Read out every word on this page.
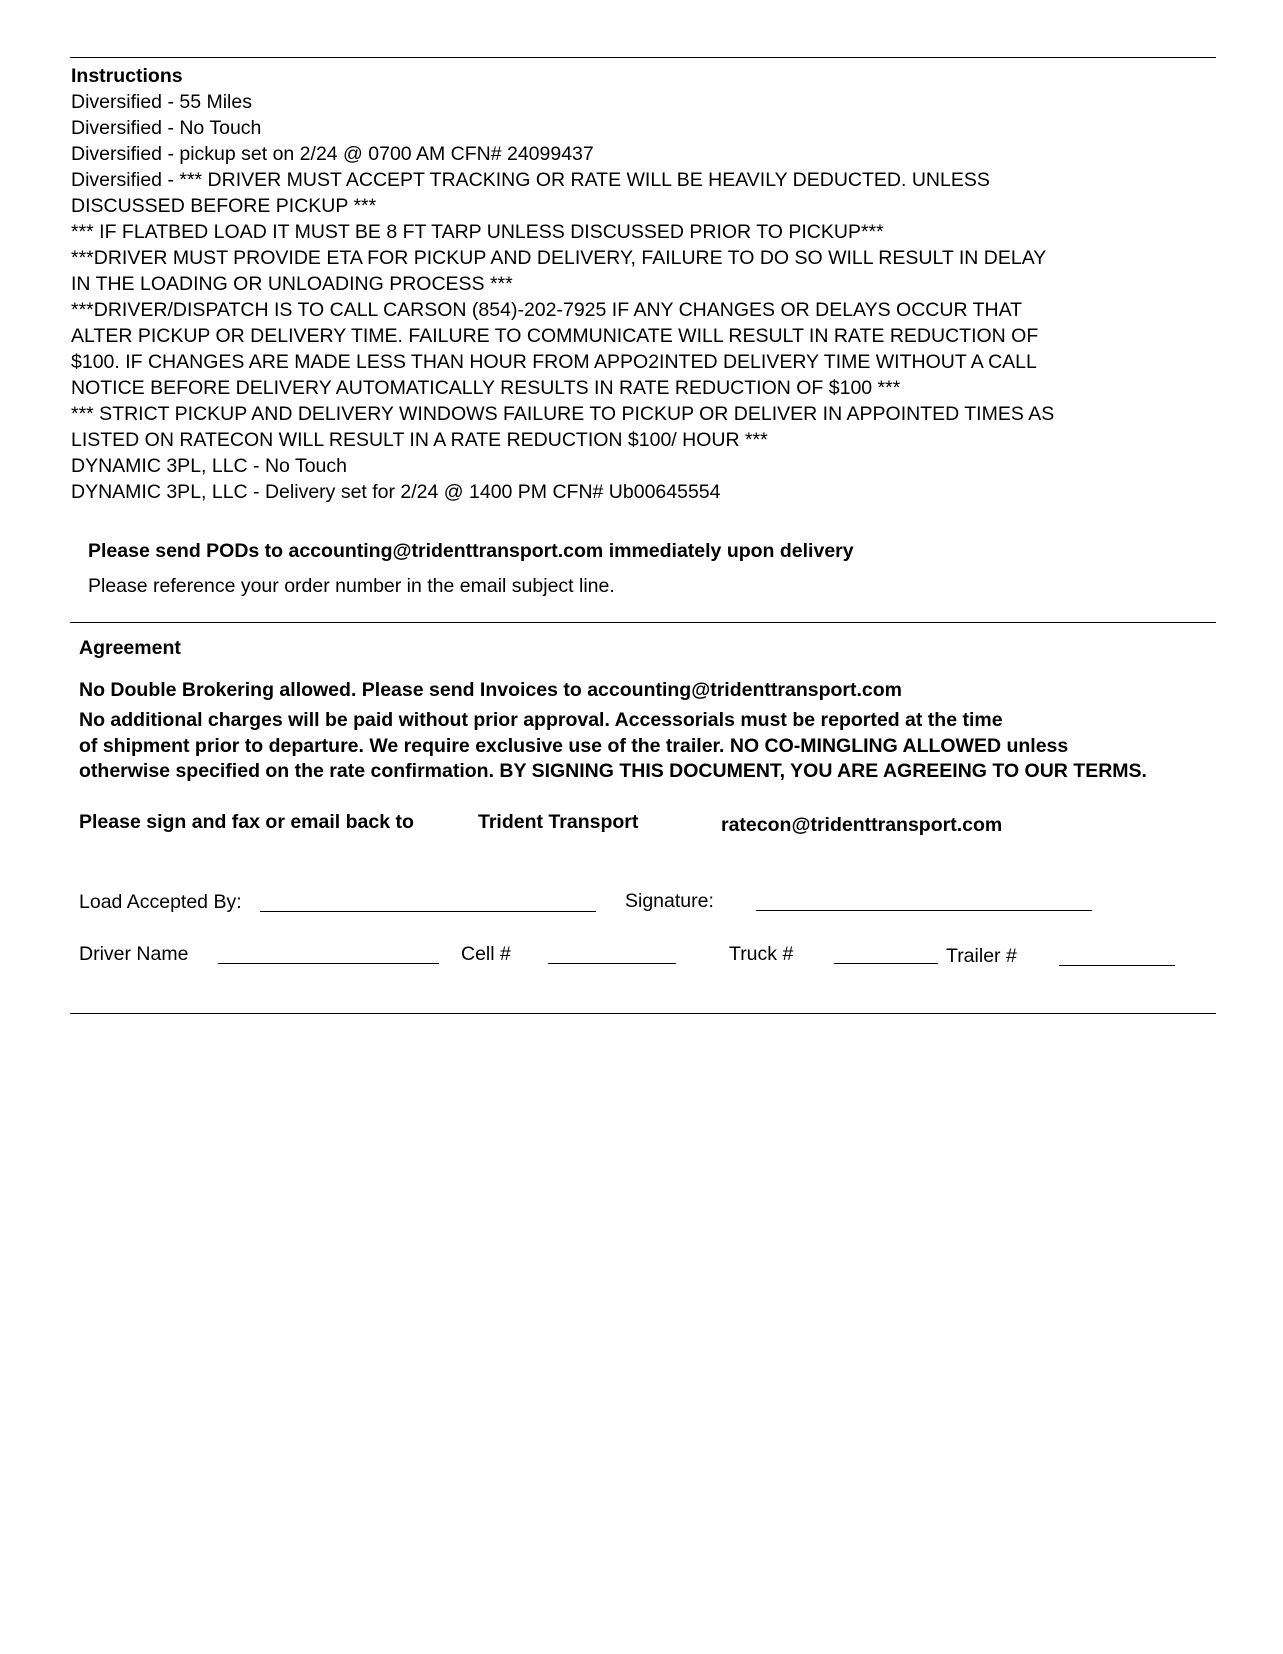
Instructions
Diversified - 55 Miles
Diversified - No Touch
Diversified - pickup set on 2/24 @ 0700 AM CFN# 24099437
Diversified - *** DRIVER MUST ACCEPT TRACKING OR RATE WILL BE HEAVILY DEDUCTED. UNLESS
DISCUSSED BEFORE PICKUP ***
*** IF FLATBED LOAD IT MUST BE 8 FT TARP UNLESS DISCUSSED PRIOR TO PICKUP***
***DRIVER MUST PROVIDE ETA FOR PICKUP AND DELIVERY, FAILURE TO DO SO WILL RESULT IN DELAY
IN THE LOADING OR UNLOADING PROCESS ***
***DRIVER/DISPATCH IS TO CALL CARSON (854)-202-7925 IF ANY CHANGES OR DELAYS OCCUR THAT
ALTER PICKUP OR DELIVERY TIME. FAILURE TO COMMUNICATE WILL RESULT IN RATE REDUCTION OF
$100. IF CHANGES ARE MADE LESS THAN HOUR FROM APPO2INTED DELIVERY TIME WITHOUT A CALL
NOTICE BEFORE DELIVERY AUTOMATICALLY RESULTS IN RATE REDUCTION OF $100 ***
*** STRICT PICKUP AND DELIVERY WINDOWS FAILURE TO PICKUP OR DELIVER IN APPOINTED TIMES AS
LISTED ON RATECON WILL RESULT IN A RATE REDUCTION $100/ HOUR ***
DYNAMIC 3PL, LLC - No Touch
DYNAMIC 3PL, LLC - Delivery set for 2/24 @ 1400 PM CFN# Ub00645554
Please send PODs to accounting@tridenttransport.com immediately upon delivery
Please reference your order number in the email subject line.
Agreement
No Double Brokering allowed. Please send Invoices to accounting@tridenttransport.com
No additional charges will be paid without prior approval. Accessorials must be reported at the time
of shipment prior to departure. We require exclusive use of the trailer. NO CO-MINGLING ALLOWED unless
otherwise specified on the rate confirmation. BY SIGNING THIS DOCUMENT, YOU ARE AGREEING TO OUR TERMS.
Please sign and fax or email back to	Trident Transport	ratecon@tridenttransport.com
Load Accepted By:	Signature:
Driver Name	Cell #	Truck #	Trailer #
